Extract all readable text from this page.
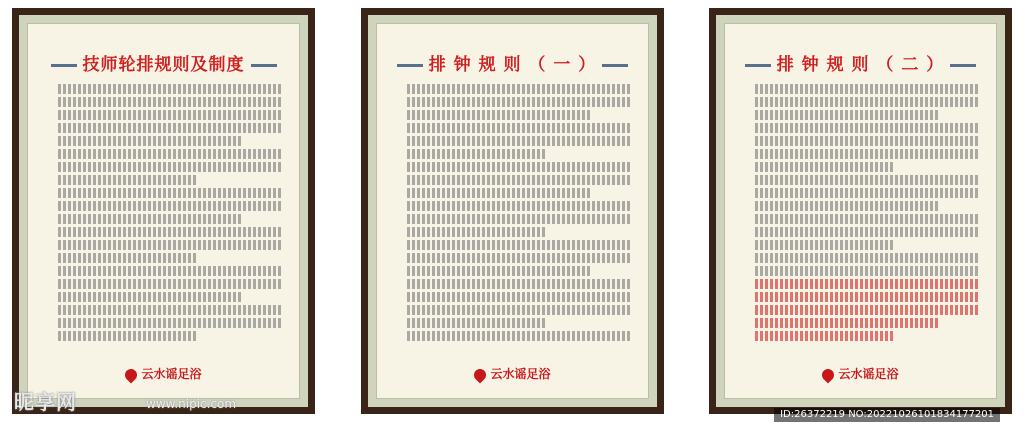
技师轮排规则及制度
云水谣足浴
排 钟 规 则 （ 一 ）
云水谣足浴
排 钟 规 则 （ 二 ）
云水谣足浴
昵享网	www.nipic.com
ID:26372219 NO:20221026101834177201
